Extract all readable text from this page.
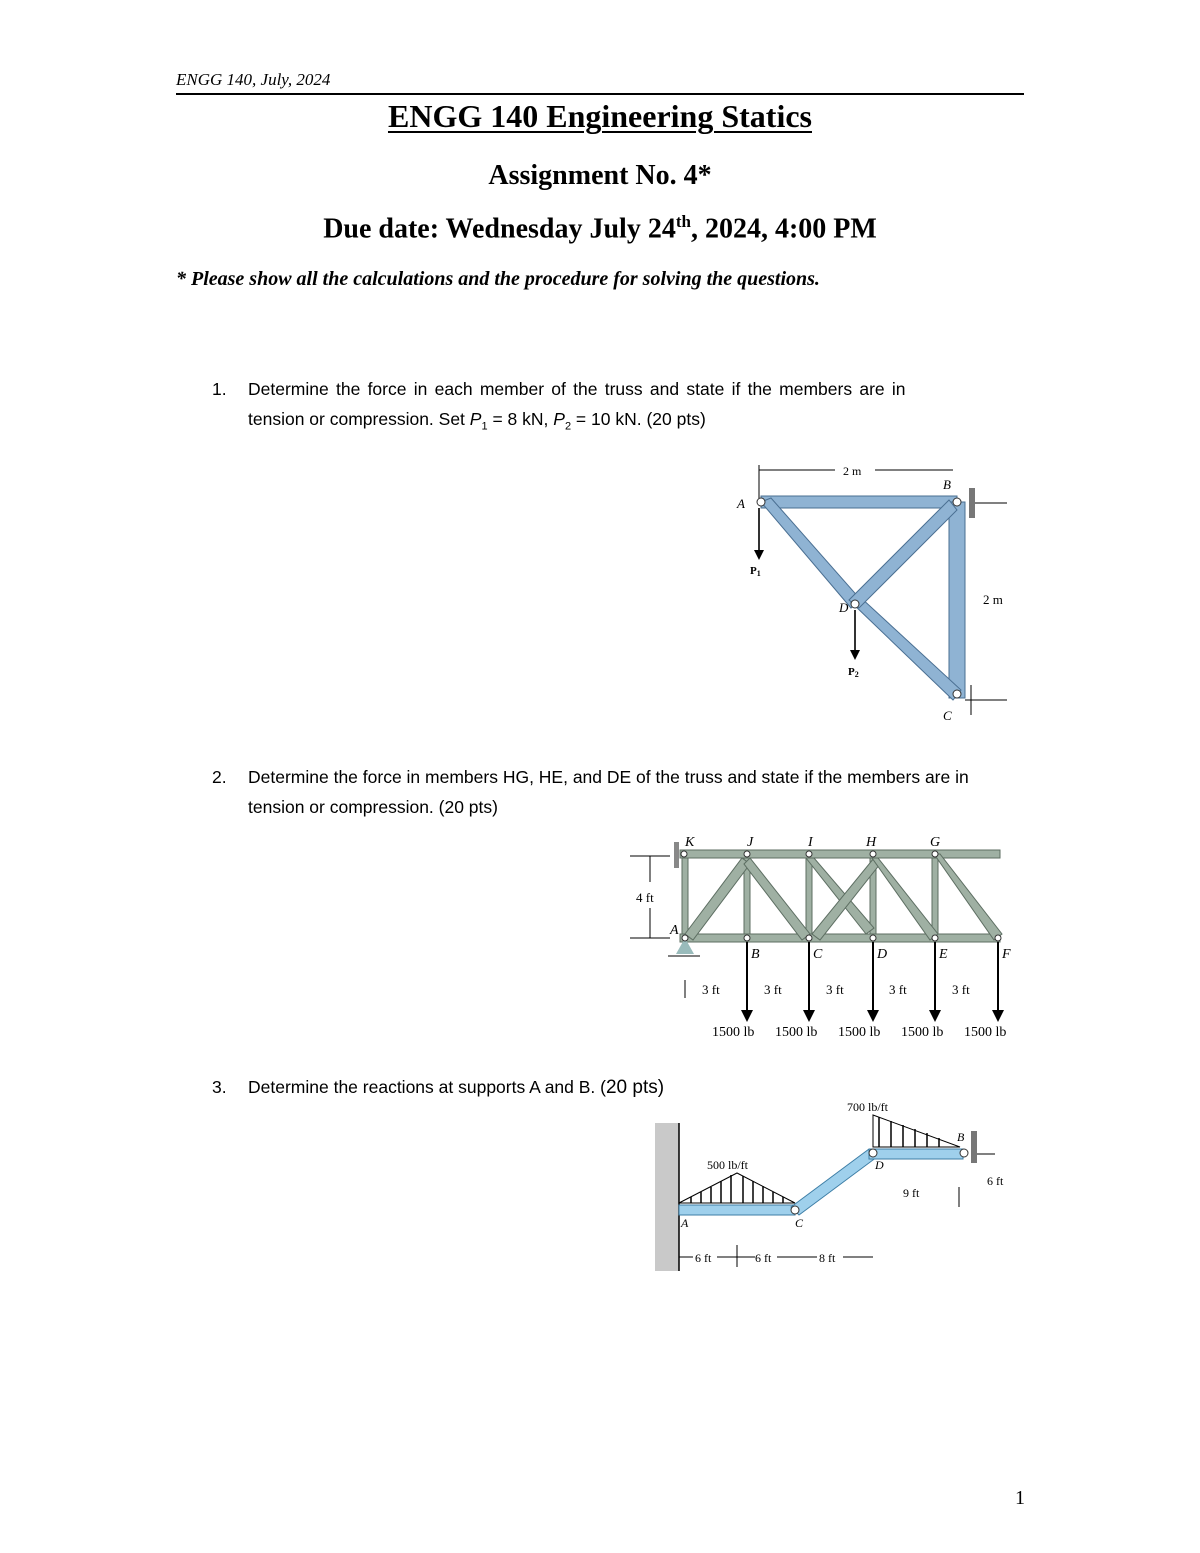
ENGG 140, July, 2024
ENGG 140 Engineering Statics
Assignment No. 4*
Due date: Wednesday July 24th, 2024, 4:00 PM
* Please show all the calculations and the procedure for solving the questions.
1. Determine the force in each member of the truss and state if the members are in
tension or compression. Set $P_1 = 8$ kN, $P_2 = 10$ kN. (20 pts)
2 m
A
B
C
D
P1
P2
2 m
2. Determine the force in members HG, HE, and DE of the truss and state if the members are in tension or compression. (20 pts)
4 ft
K	J	I	H	G
A
B	C	D	E	F
3 ft	3 ft	3 ft	3 ft	3 ft
1500 lb 1500 lb 1500 lb 1500 lb 1500 lb
3. Determine the reactions at supports A and B. (20 pts)
700 lb/ft
500 lb/ft
A
B
C
D
9 ft
6 ft
6 ft	6 ft	8 ft
1
